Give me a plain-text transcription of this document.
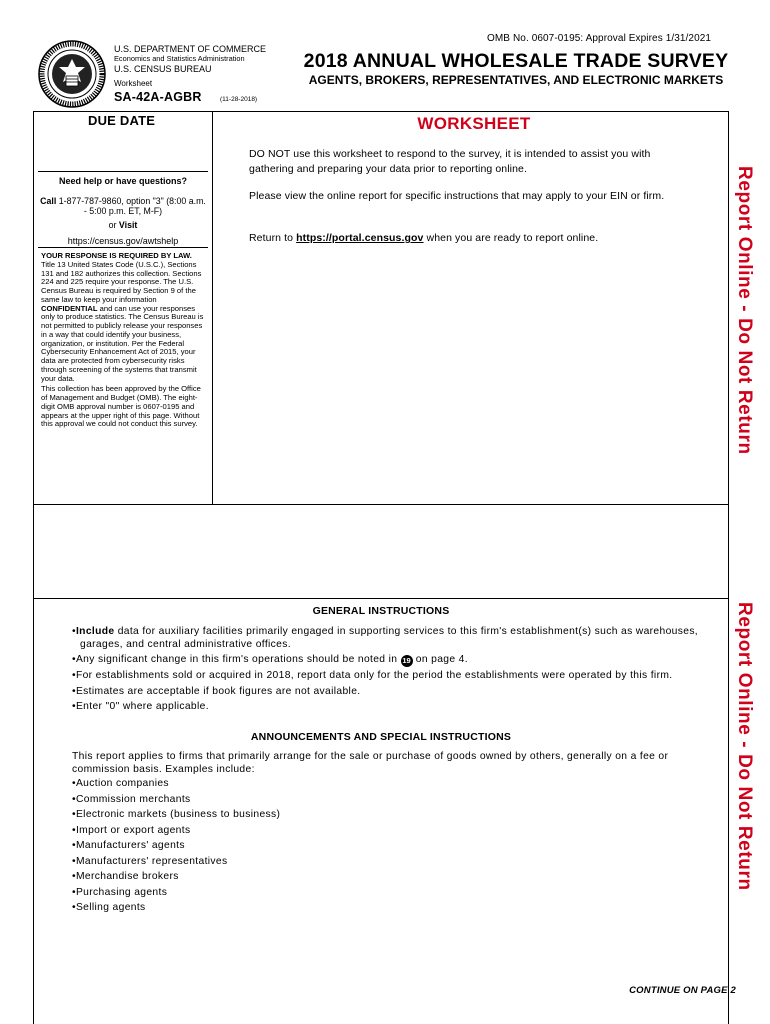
OMB No. 0607-0195: Approval Expires 1/31/2021
U.S. DEPARTMENT OF COMMERCE
Economics and Statistics Administration
U.S. CENSUS BUREAU
Worksheet
SA-42A-AGBR	(11-28-2018)
2018 ANNUAL WHOLESALE TRADE SURVEY
AGENTS, BROKERS, REPRESENTATIVES, AND ELECTRONIC MARKETS
DUE DATE
Need help or have questions?
Call 1-877-787-9860, option "3" (8:00 a.m. - 5:00 p.m. ET, M-F)
or Visit
https://census.gov/awtshelp

YOUR RESPONSE IS REQUIRED BY LAW. Title 13 United States Code (U.S.C.), Sections 131 and 182 authorizes this collection. Sections 224 and 225 require your response. The U.S. Census Bureau is required by Section 9 of the same law to keep your information CONFIDENTIAL and can use your responses only to produce statistics. The Census Bureau is not permitted to publicly release your responses in a way that could identify your business, organization, or institution. Per the Federal Cybersecurity Enhancement Act of 2015, your data are protected from cybersecurity risks through screening of the systems that transmit your data.

This collection has been approved by the Office of Management and Budget (OMB). The eight-digit OMB approval number is 0607-0195 and appears at the upper right of this page. Without this approval we could not conduct this survey.

WORKSHEET
DO NOT use this worksheet to respond to the survey, it is intended to assist you with gathering and preparing your data prior to reporting online.
Please view the online report for specific instructions that may apply to your EIN or firm.
Return to https://portal.census.gov when you are ready to report online.	Report Online - Do Not Return
Report Online - Do Not Return
GENERAL INSTRUCTIONS
• Include data for auxiliary facilities primarily engaged in supporting services to this firm's establishment(s) such as warehouses, garages, and central administrative offices.
• Any significant change in this firm's operations should be noted in 19 on page 4.
• For establishments sold or acquired in 2018, report data only for the period the establishments were operated by this firm.
• Estimates are acceptable if book figures are not available.
• Enter "0" where applicable.
ANNOUNCEMENTS AND SPECIAL INSTRUCTIONS
This report applies to firms that primarily arrange for the sale or purchase of goods owned by others, generally on a fee or commission basis. Examples include:
• Auction companies
• Commission merchants
• Electronic markets (business to business)
• Import or export agents
• Manufacturers' agents
• Manufacturers' representatives
• Merchandise brokers
• Purchasing agents
• Selling agents
CONTINUE ON PAGE 2
